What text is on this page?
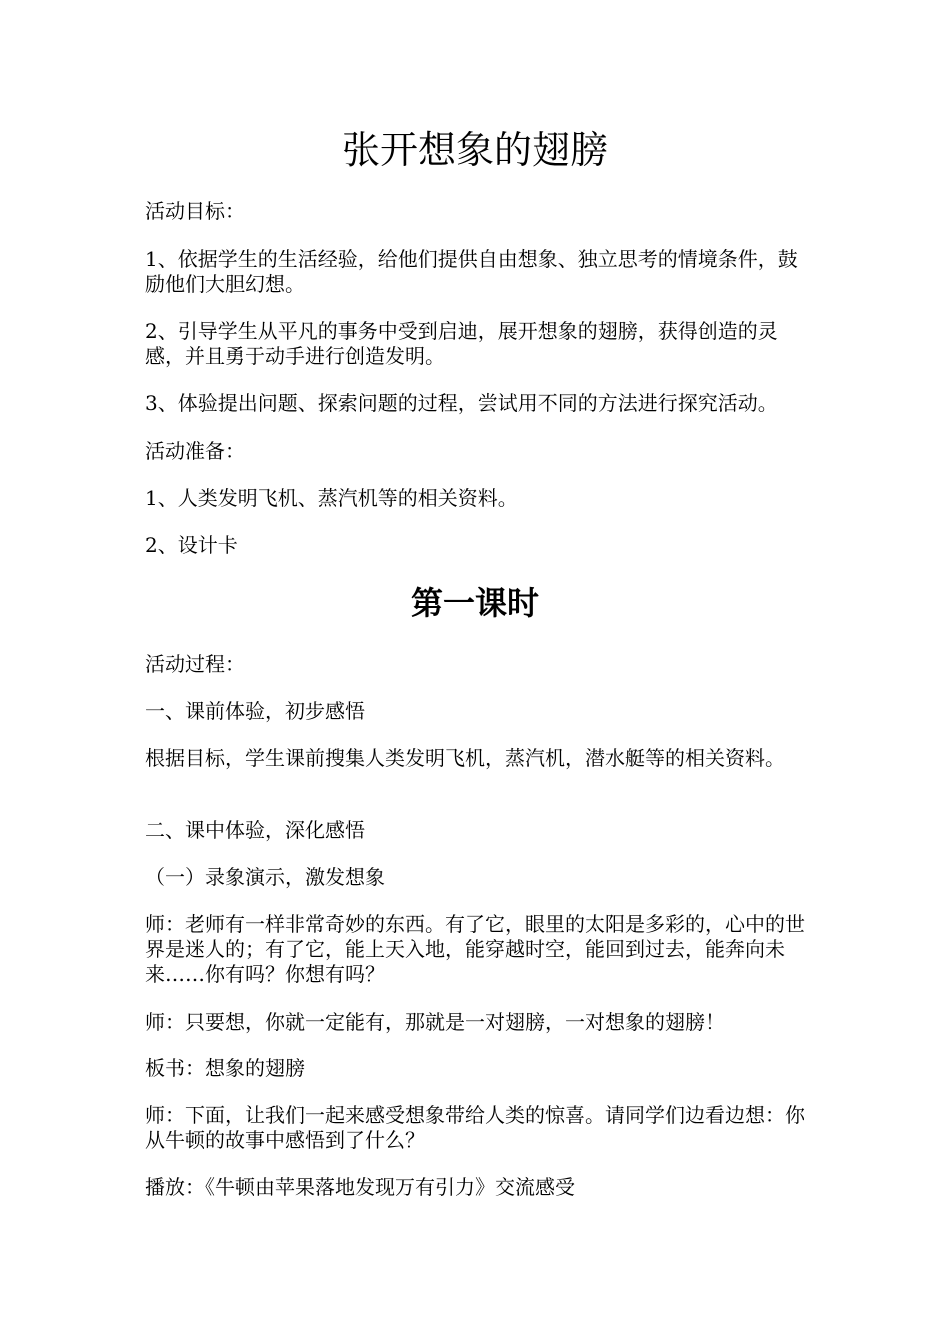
张开想象的翅膀

活动目标：

1、依据学生的生活经验，给他们提供自由想象、独立思考的情境条件，鼓励他们大胆幻想。

2、引导学生从平凡的事务中受到启迪，展开想象的翅膀，获得创造的灵感，并且勇于动手进行创造发明。

3、体验提出问题、探索问题的过程，尝试用不同的方法进行探究活动。

活动准备：

1、人类发明飞机、蒸汽机等的相关资料。

2、设计卡

第一课时

活动过程：

一、课前体验，初步感悟

根据目标，学生课前搜集人类发明飞机，蒸汽机，潜水艇等的相关资料。

二、课中体验，深化感悟

（一）录象演示，激发想象

师：老师有一样非常奇妙的东西。有了它，眼里的太阳是多彩的，心中的世界是迷人的；有了它，能上天入地，能穿越时空，能回到过去，能奔向未来……你有吗？你想有吗？

师：只要想，你就一定能有，那就是一对翅膀，一对想象的翅膀！

板书：想象的翅膀

师：下面，让我们一起来感受想象带给人类的惊喜。请同学们边看边想：你从牛顿的故事中感悟到了什么？

播放：《牛顿由苹果落地发现万有引力》交流感受
